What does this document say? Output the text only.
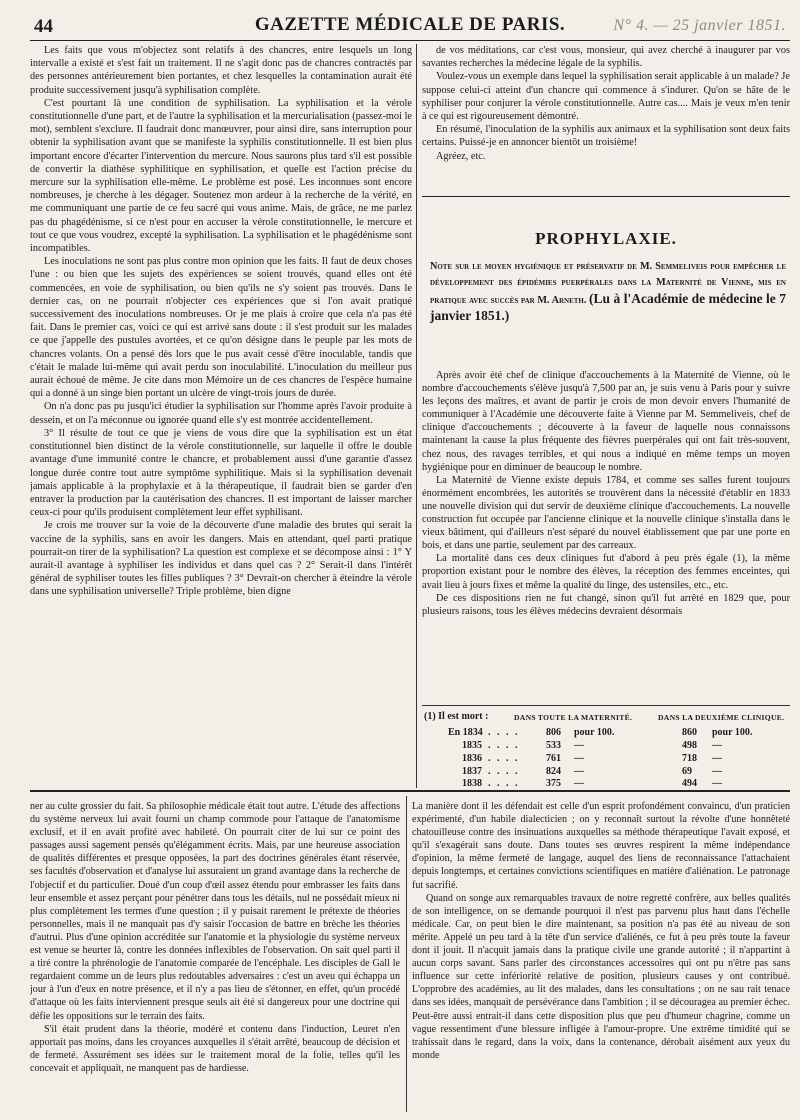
44	GAZETTE MÉDICALE DE PARIS.	N° 4. — 25 janvier 1851.

Les faits que vous m'objectez sont relatifs à des chancres, entre lesquels un long intervalle a existé et s'est fait un traitement. Il ne s'agit donc pas de chancres contractés par des personnes antérieurement bien portantes, et chez lesquelles la contamination aurait été produite successivement jusqu'à syphilisation complète.

C'est pourtant là une condition de syphilisation. La syphilisation et la vérole constitutionnelle d'une part, et de l'autre la syphilisation et la mercurialisation (passez-moi le mot), semblent s'exclure. Il faudrait donc manœuvrer, pour ainsi dire, sans interruption pour obtenir la syphilisation avant que se manifeste la syphilis constitutionnelle. Il est bien plus important encore d'écarter l'intervention du mercure. Nous saurons plus tard s'il est possible de convertir la diathèse syphilitique en syphilisation, et quelle est l'action précise du mercure sur la syphilisation elle-même. Le problème est posé. Les inconnues sont encore nombreuses, je cherche à les dégager. Soutenez mon ardeur à la recherche de la vérité, en me communiquant une partie de ce feu sacré qui vous anime. Mais, de grâce, ne me parlez pas du phagédénisme, si ce n'est pour en accuser la vérole constitutionnelle, le mercure et tout ce que vous voudrez, excepté la syphilisation. La syphilisation et le phagédénisme sont incompatibles.

Les inoculations ne sont pas plus contre mon opinion que les faits. Il faut de deux choses l'une : ou bien que les sujets des expériences se soient trouvés, quand elles ont été commencées, en voie de syphilisation, ou bien qu'ils ne s'y soient pas trouvés. Dans le dernier cas, on ne pourrait n'objecter ces expériences que si l'on avait pratiqué successivement des inoculations nombreuses. Or je me plais à croire que cela n'a pas été fait. Dans le premier cas, voici ce qui est arrivé sans doute : il s'est produit sur les malades ce que j'appelle des pustules avortées, et ce qu'on désigne dans le peuple par les mots de chancres volants. On a pensé dès lors que le pus avait cessé d'être inoculable, tandis que c'était le malade lui-même qui avait perdu son inoculabilité. L'inoculation du meilleur pus aurait échoué de même. Je cite dans mon Mémoire un de ces chancres de l'espèce humaine qui a donné à un singe bien portant un ulcère de vingt-trois jours de durée.

On n'a donc pas pu jusqu'ici étudier la syphilisation sur l'homme après l'avoir produite à dessein, et on l'a méconnue ou ignorée quand elle s'y est montrée accidentellement.

3° Il résulte de tout ce que je viens de vous dire que la syphilisation est un état constitutionnel bien distinct de la vérole constitutionnelle, sur laquelle il offre le double avantage d'une immunité contre le chancre, et probablement aussi d'une garantie d'assez longue durée contre tout autre symptôme syphilitique. Mais si la syphilisation devenait jamais applicable à la prophylaxie et à la thérapeutique, il faudrait bien se garder d'en entraver la production par la cautérisation des chancres. Il est important de laisser marcher ceux-ci pour qu'ils produisent complètement leur effet syphilisant.

Je crois me trouver sur la voie de la découverte d'une maladie des brutes qui serait la vaccine de la syphilis, sans en avoir les dangers. Mais en attendant, quel parti pratique pourrait-on tirer de la syphilisation? La question est complexe et se décompose ainsi : 1° Y aurait-il avantage à syphiliser les individus et dans quel cas ? 2° Serait-il dans l'intérêt général de syphiliser toutes les filles publiques ? 3° Devrait-on chercher à éteindre la vérole dans une syphilisation universelle? Triple problème, bien digne

de vos méditations, car c'est vous, monsieur, qui avez cherché à inaugurer par vos savantes recherches la médecine légale de la syphilis.

Voulez-vous un exemple dans lequel la syphilisation serait applicable à un malade? Je suppose celui-ci atteint d'un chancre qui commence à s'indurer. Qu'on se hâte de le syphiliser pour conjurer la vérole constitutionnelle. Autre cas.... Mais je veux m'en tenir à ce qui est rigoureusement démontré.

En résumé, l'inoculation de la syphilis aux animaux et la syphilisation sont deux faits certains. Puissé-je en annoncer bientôt un troisième!

Agréez, etc.

PROPHYLAXIE.
Note sur le moyen hygiénique et préservatif de M. Semmeliveis pour empêcher le développement des épidémies puerpérales dans la Maternité de Vienne, mis en pratique avec succès par M. Arneth. (Lu à l'Académie de médecine le 7 janvier 1851.)

Après avoir été chef de clinique d'accouchements à la Maternité de Vienne, où le nombre d'accouchements s'élève jusqu'à 7,500 par an, je suis venu à Paris pour y suivre les leçons des maîtres, et avant de partir je crois de mon devoir envers l'humanité de communiquer à l'Académie une découverte faite à Vienne par M. Semmeliveis, chef de clinique d'accouchements ; découverte à la faveur de laquelle nous connaissons maintenant la cause la plus fréquente des fièvres puerpérales qui ont fait très-souvent, chez nous, des ravages terribles, et qui nous a indiqué en même temps un moyen hygiénique pour en diminuer de beaucoup le nombre.

La Maternité de Vienne existe depuis 1784, et comme ses salles furent toujours énormément encombrées, les autorités se trouvèrent dans la nécessité d'établir en 1833 une nouvelle division qui dut servir de deuxième clinique d'accouchements. La nouvelle construction fut occupée par l'ancienne clinique et la nouvelle clinique s'installa dans le vieux bâtiment, qui d'ailleurs n'est séparé du nouvel établissement que par une porte en bois, et dans une partie, seulement par des carreaux.

La mortalité dans ces deux cliniques fut d'abord à peu près égale (1), la même proportion existant pour le nombre des élèves, la réception des femmes enceintes, qui avait lieu à jours fixes et même la qualité du linge, des ustensiles, etc., etc.

De ces dispositions rien ne fut changé, sinon qu'il fut arrêté en 1829 que, pour plusieurs raisons, tous les élèves médecins devraient désormais

(1) Il est mort :	DANS TOUTE LA MATERNITÉ.	DANS LA DEUXIÈME CLINIQUE.
En 1834 . . . .	806 pour 100.	860 pour 100.
1835 . . . .	533 —	498 —
1836 . . . .	761 —	718 —
1837 . . . .	824 —	69 —
1838 . . . .	375 —	494 —

ner au culte grossier du fait. Sa philosophie médicale était tout autre. L'étude des affections du système nerveux lui avait fourni un champ commode pour l'attaque de l'anatomisme exclusif, et il en avait profité avec habileté. On pourrait citer de lui sur ce point des passages aussi sagement pensés qu'élégamment écrits. Mais, par une heureuse association de qualités différentes et presque opposées, la part des doctrines générales étant réservée, ses facultés d'observation et d'analyse lui assuraient un grand avantage dans la recherche de l'objectif et du particulier. Doué d'un coup d'œil assez étendu pour embrasser les faits dans leur ensemble et assez perçant pour pénétrer dans tous les détails, nul ne possédait mieux ni plus complètement les termes d'une question ; il y puisait rarement le prétexte de théories personnelles, mais il ne manquait pas d'y saisir l'occasion de battre en brèche les théories d'autrui. Plus d'une opinion accréditée sur l'anatomie et la physiologie du système nerveux est venue se heurter là, contre les données inflexibles de l'observation. On sait quel parti il a tiré contre la phrénologie de l'anatomie comparée de l'encéphale. Les disciples de Gall le regardaient comme un de leurs plus redoutables adversaires : c'est un aveu qui échappa un jour à l'un d'eux en notre présence, et il n'y a pas lieu de s'étonner, en effet, qu'un procédé d'attaque où les faits interviennent presque seuls ait été si dangereux pour une doctrine qui défie les oppositions sur le terrain des faits.

S'il était prudent dans la théorie, modéré et contenu dans l'induction, Leuret n'en apportait pas moins, dans les croyances auxquelles il s'était arrêté, beaucoup de décision et de fermeté. Assurément ses idées sur le traitement moral de la folie, telles qu'il les concevait et appliquait, ne manquent pas de hardiesse.

La manière dont il les défendait est celle d'un esprit profondément convaincu, d'un praticien expérimenté, d'un habile dialecticien ; on y reconnaît surtout la révolte d'une honnêteté chatouilleuse contre des insinuations auxquelles sa méthode thérapeutique l'avait exposé, et qu'il s'exagérait sans doute. Dans toutes ses œuvres respirent la même indépendance d'opinion, la même fermeté de langage, auquel des liens de reconnaissance l'attachaient depuis longtemps, et certaines convictions scientifiques en matière d'aliénation. Le patronage fut sacrifié.

Quand on songe aux remarquables travaux de notre regretté confrère, aux belles qualités de son intelligence, on se demande pourquoi il n'est pas parvenu plus haut dans l'échelle médicale. Car, on peut bien le dire maintenant, sa position n'a pas été au niveau de son mérite. Appelé un peu tard à la tête d'un service d'aliénés, ce fut à peu près toute la faveur dont il jouit. Il n'acquit jamais dans la pratique civile une grande autorité ; il n'appartint à aucun corps savant. Sans parler des circonstances accessoires qui ont pu n'être pas sans influence sur cette infériorité relative de position, plusieurs causes y ont contribué. L'opprobre des académies, au lit des malades, dans les consultations ; on ne sau rait tenace dans ses idées, manquait de persévérance dans l'ambition ; il se découragea au premier échec. Peut-être aussi entrait-il dans cette disposition plus que peu d'humeur chagrine, comme un vague ressentiment d'une blessure infligée à l'amour-propre. Une extrême timidité qui se trahissait dans le regard, dans la voix, dans la contenance, dérobait aisément aux yeux du monde
